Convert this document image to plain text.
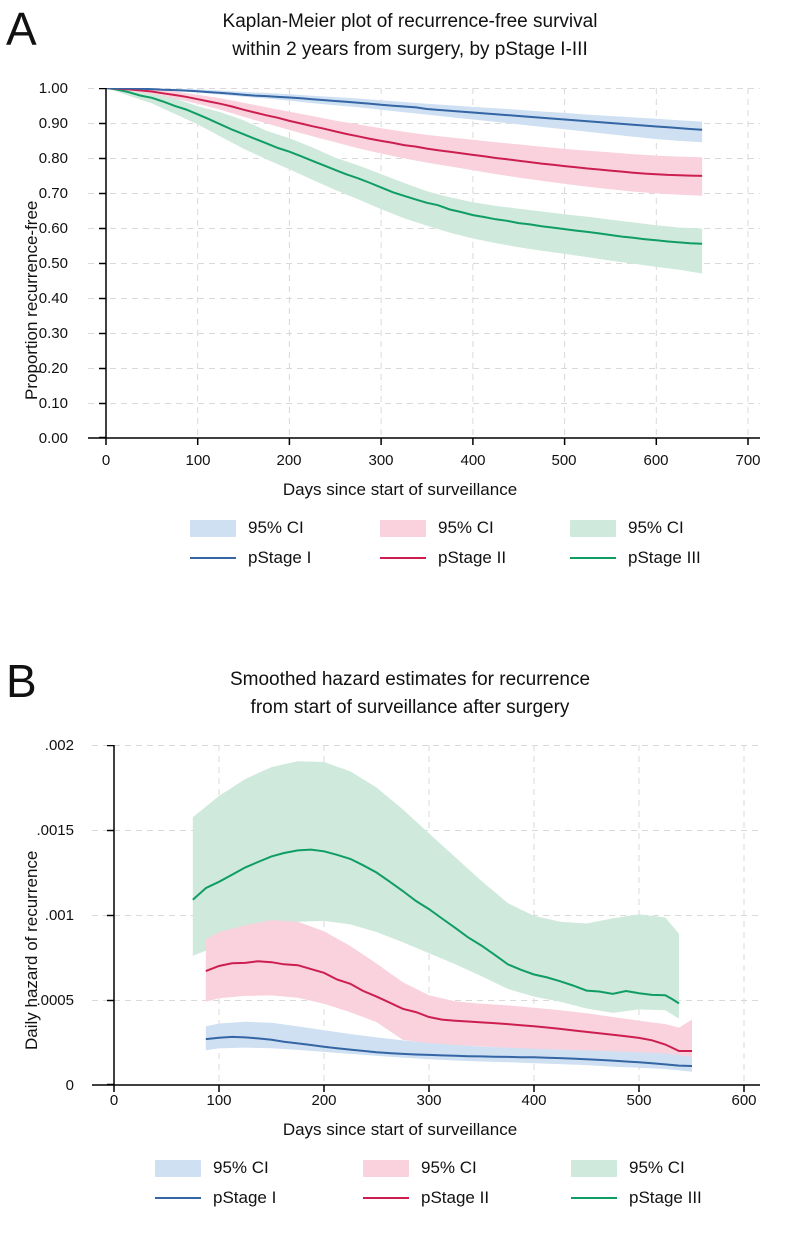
A	Kaplan-Meier plot of recurrence-free survival
within 2 years from surgery, by pStage I-III
Proportion recurrence-free
1.00
0.90
0.80
0.70
0.60
0.50
0.40
0.30
0.20
0.10
0.00
0	100	200	300	400	500	600	700
Days since start of surveillance
95% CI	95% CI	95% CI
pStage I	pStage II	pStage III
B	Smoothed hazard estimates for recurrence
from start of surveillance after surgery
Daily hazard of recurrence
.002
.0015
.001
.0005
0
0	100	200	300	400	500	600
Days since start of surveillance
95% CI	95% CI	95% CI
pStage I	pStage II	pStage III
